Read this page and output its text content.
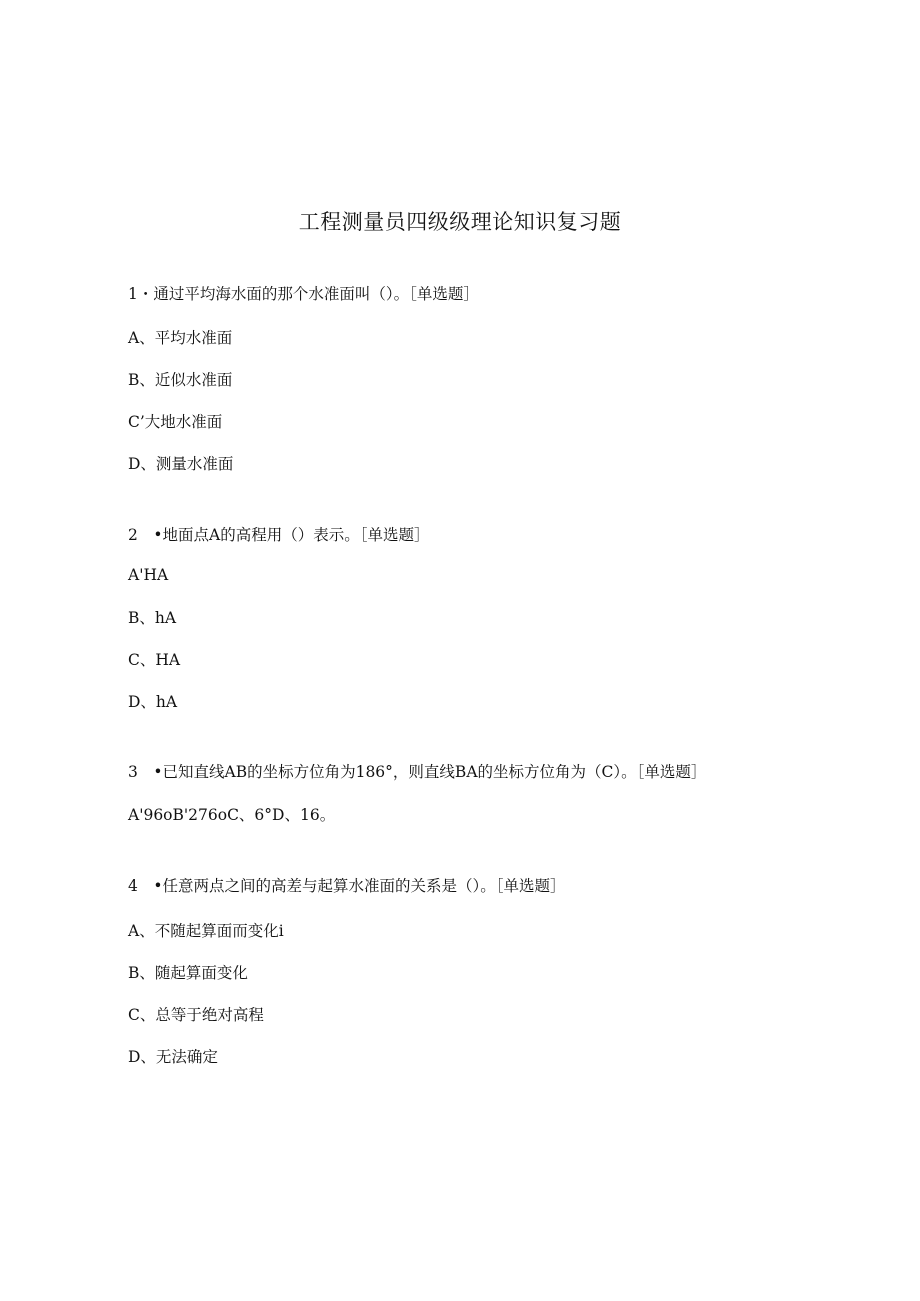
工程测量员四级级理论知识复习题

1・通过平均海水面的那个水准面叫（）。［单选题］

A、平均水准面

B、近似水准面

C’大地水准面

D、测量水准面

2　•地面点A的高程用（）表示。［单选题］

A'HA

B、hA

C、HA

D、hA

3　•已知直线AB的坐标方位角为186°，则直线BA的坐标方位角为（C）。［单选题］

A'96oB'276oC、6°D、16。

4　•任意两点之间的高差与起算水准面的关系是（）。［单选题］

A、不随起算面而变化i

B、随起算面变化

C、总等于绝对高程

D、无法确定
